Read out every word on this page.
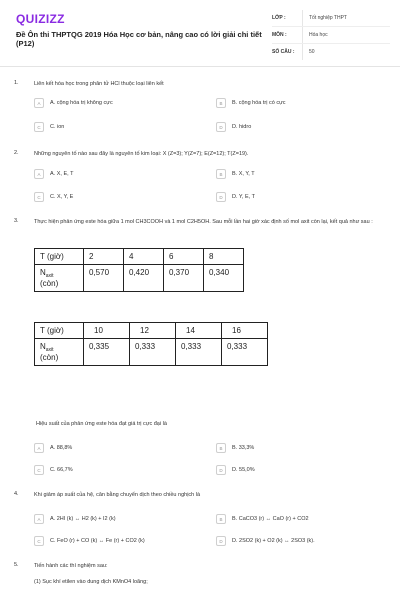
QUIZIZZ
Đề Ôn thi THPTQG 2019 Hóa Học cơ bản, nâng cao có lời giải chi tiết (P12)
LỚP :	Tốt nghiệp THPT
MÔN :	Hóa học
SỐ CÂU :	50
1.	Liên kết hóa học trong phân tử HCl thuộc loại liên kết
A	A. cộng hóa trị không cực	B	B. cộng hóa trị có cực
C	C. ion	D	D. hidro
2.	Những nguyên tố nào sau đây là nguyên tố kim loại: X (Z=3); Y(Z=7); E(Z=12); T(Z=19).
A	A. X, E, T	B	B. X, Y, T
C	C. X, Y, E	D	D. Y, E, T
3.	Thực hiện phản ứng este hóa giữa 1 mol CH3COOH và 1 mol C2H5OH. Sau mỗi lần hai giờ xác định số mol axit còn lại, kết quả như sau :
T (giờ)	2	4	6	8
$N_{axit}$
(còn)	0,570	0,420	0,370	0,340
T (giờ)	10	12	14	16
$N_{axit}$
(còn)	0,335	0,333	0,333	0,333
Hiệu suất của phản ứng este hóa đạt giá trị cực đại là
A	A. 88,8%	B	B. 33,3%
C	C. 66,7%	D	D. 55,0%
4.	Khi giảm áp suất của hệ, cân bằng chuyển dịch theo chiều nghịch là
A	A. 2HI (k) ↔ H2 (k) + I2 (k)	B	B. CaCO3 (r) ↔ CaO (r) + CO2
C	C. FeO (r) + CO (k) ↔ Fe (r) + CO2 (k)	D	D. 2SO2 (k) + O2 (k) ↔ 2SO3 (k).
5.	Tiến hành các thí nghiệm sau:
(1) Sục khí etilen vào dung dịch KMnO4 loãng;
